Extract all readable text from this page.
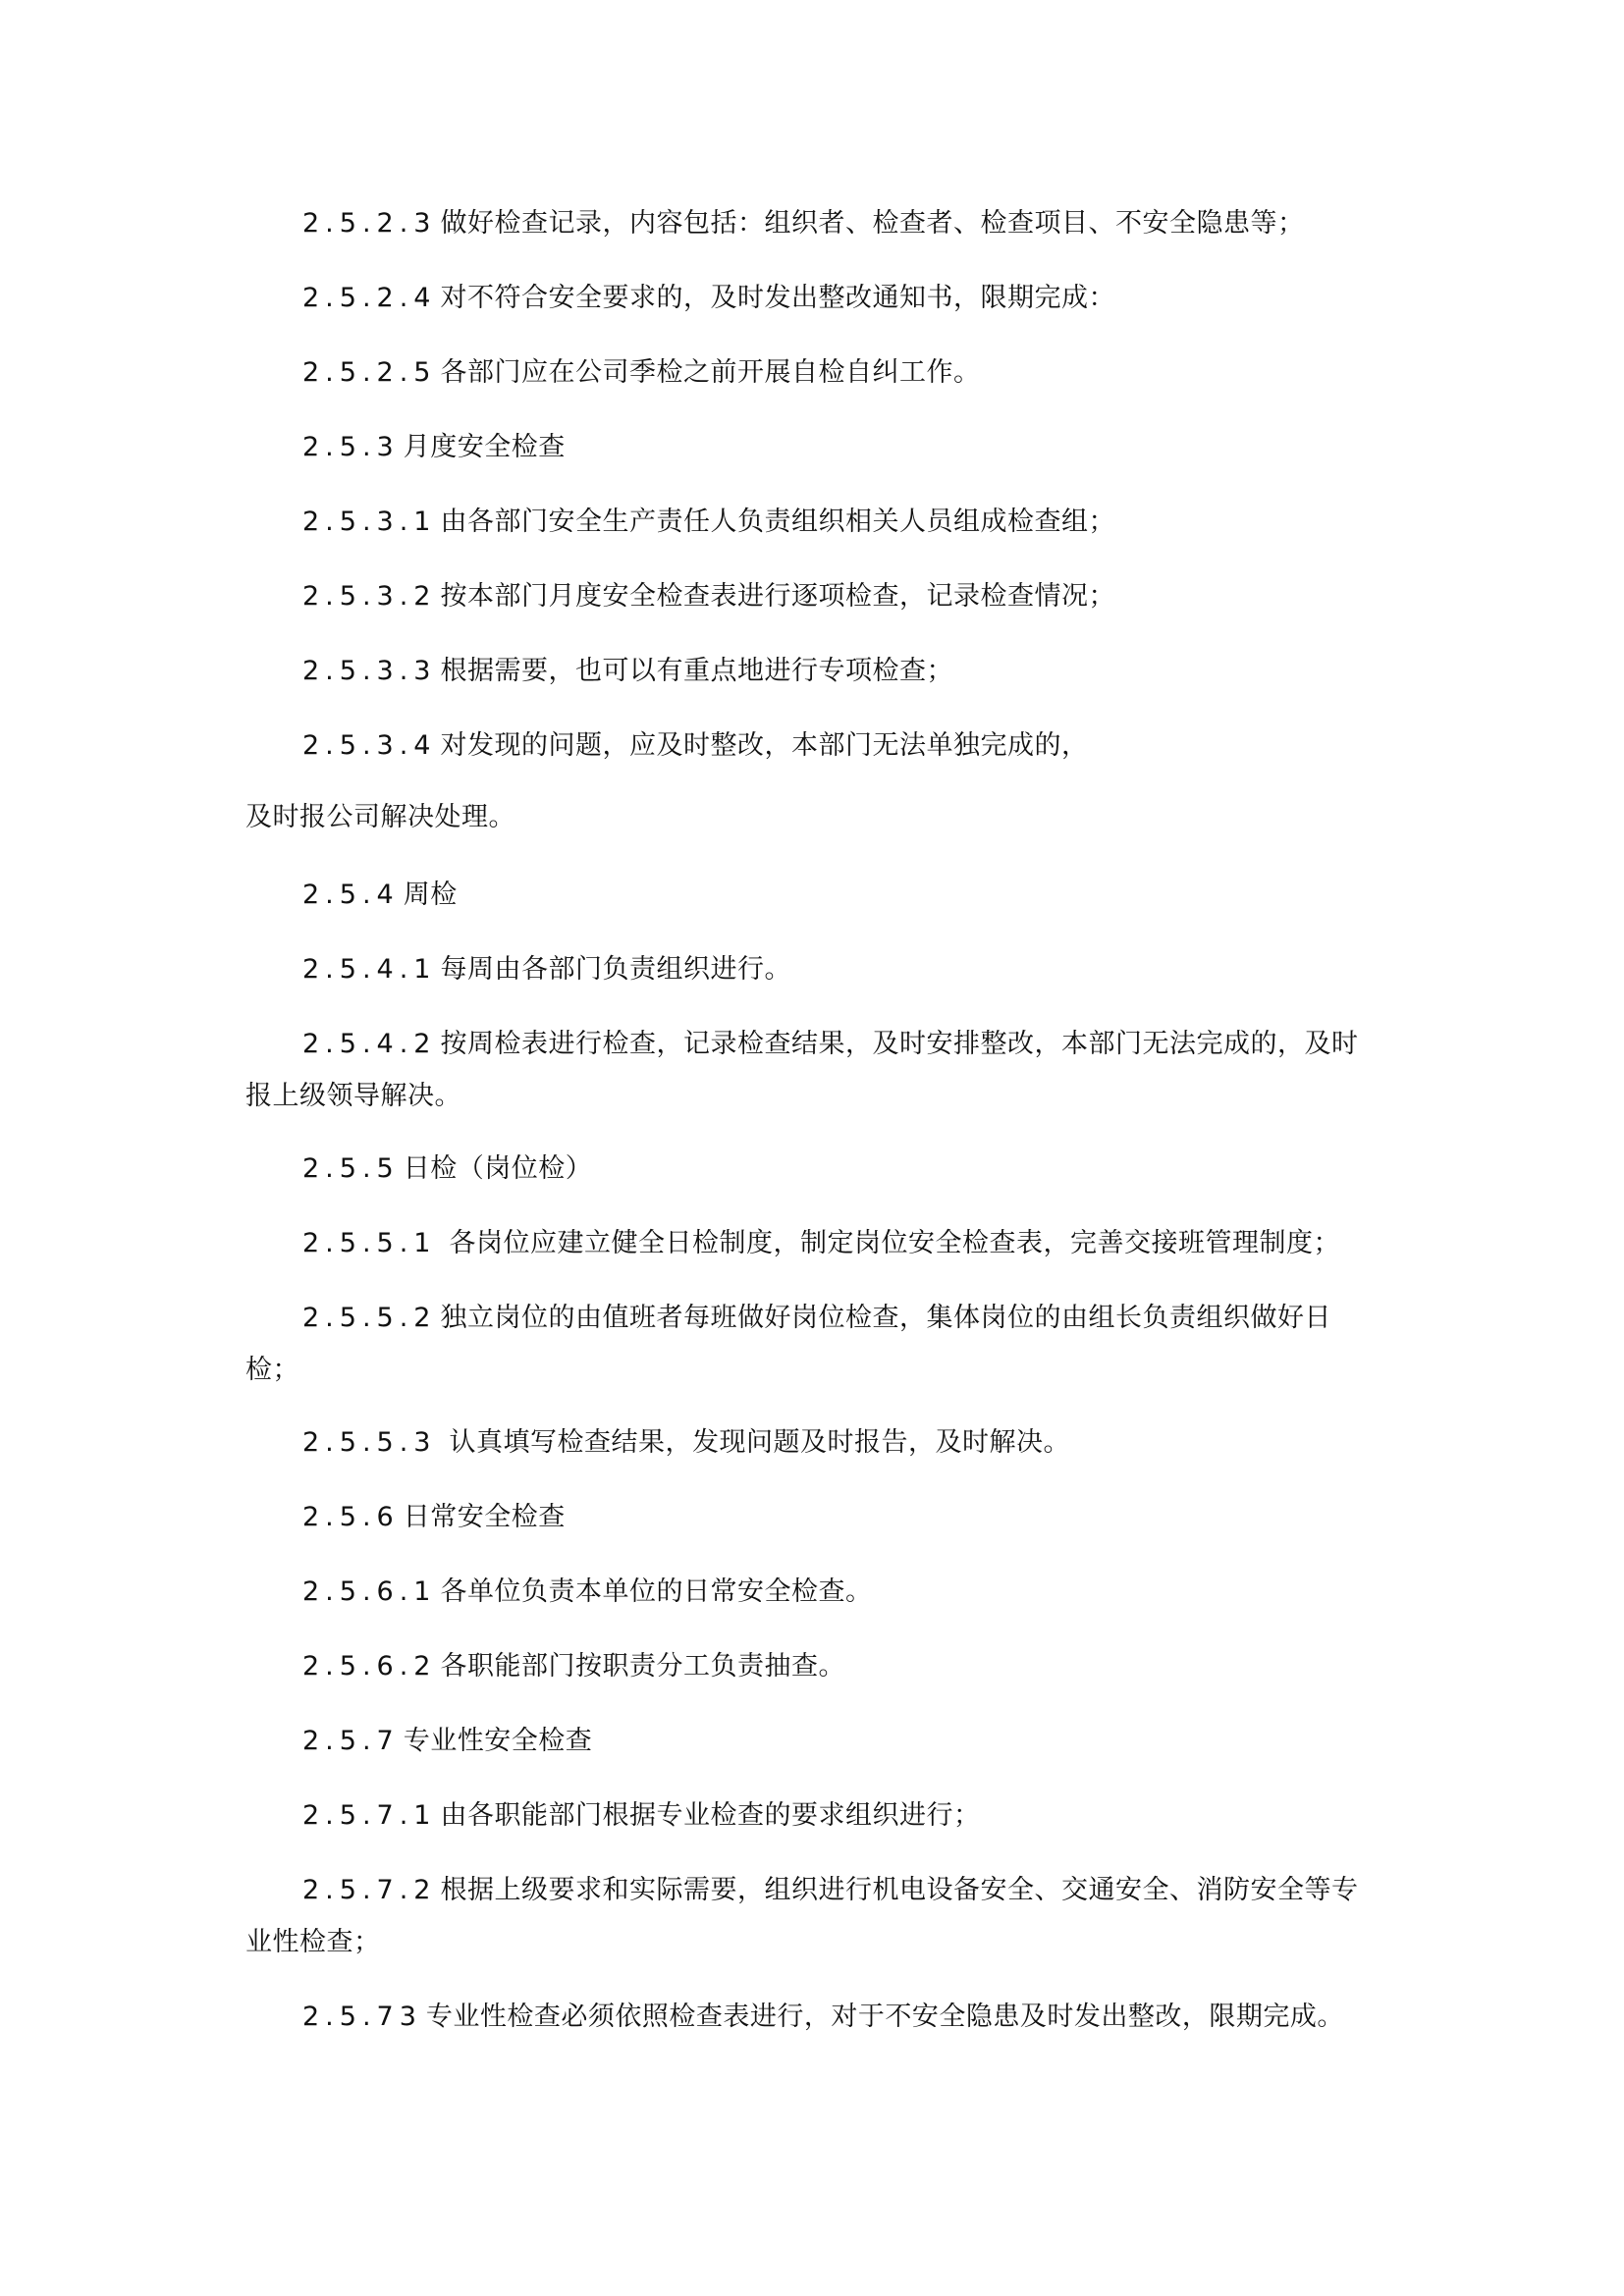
2.5.2.3 做好检查记录，内容包括：组织者、检查者、检查项目、不安全隐患等；
2.5.2.4 对不符合安全要求的，及时发出整改通知书，限期完成：
2.5.2.5 各部门应在公司季检之前开展自检自纠工作。
2.5.3 月度安全检查
2.5.3.1 由各部门安全生产责任人负责组织相关人员组成检查组；
2.5.3.2 按本部门月度安全检查表进行逐项检查，记录检查情况；
2.5.3.3 根据需要，也可以有重点地进行专项检查；
2.5.3.4 对发现的问题，应及时整改，本部门无法单独完成的，
及时报公司解决处理。
2.5.4 周检
2.5.4.1 每周由各部门负责组织进行。
2.5.4.2 按周检表进行检查，记录检查结果，及时安排整改，本部门无法完成的，及时
报上级领导解决。
2.5.5 日检（岗位检）
2.5.5.1 各岗位应建立健全日检制度，制定岗位安全检查表，完善交接班管理制度；
2.5.5.2 独立岗位的由值班者每班做好岗位检查，集体岗位的由组长负责组织做好日
检；
2.5.5.3 认真填写检查结果，发现问题及时报告，及时解决。
2.5.6 日常安全检查
2.5.6.1 各单位负责本单位的日常安全检查。
2.5.6.2 各职能部门按职责分工负责抽查。
2.5.7 专业性安全检查
2.5.7.1 由各职能部门根据专业检查的要求组织进行；
2.5.7.2 根据上级要求和实际需要，组织进行机电设备安全、交通安全、消防安全等专
业性检查；
2.5.73 专业性检查必须依照检查表进行，对于不安全隐患及时发出整改，限期完成。
